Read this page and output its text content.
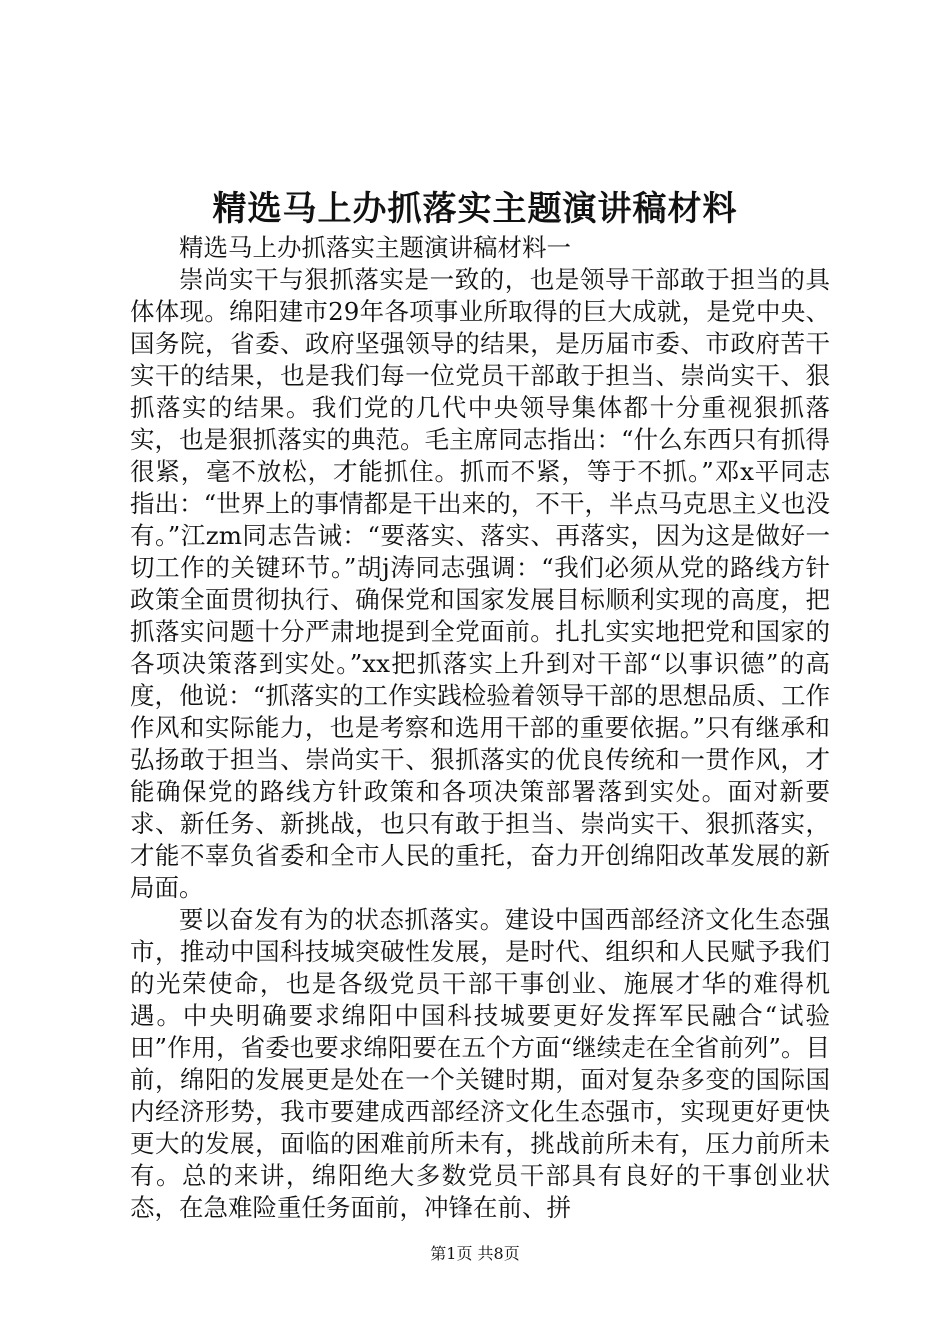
精选马上办抓落实主题演讲稿材料

精选马上办抓落实主题演讲稿材料一

崇尚实干与狠抓落实是一致的，也是领导干部敢于担当的具体体现。绵阳建市29年各项事业所取得的巨大成就，是党中央、国务院，省委、政府坚强领导的结果，是历届市委、市政府苦干实干的结果，也是我们每一位党员干部敢于担当、崇尚实干、狠抓落实的结果。我们党的几代中央领导集体都十分重视狠抓落实，也是狠抓落实的典范。毛主席同志指出：“什么东西只有抓得很紧，毫不放松，才能抓住。抓而不紧，等于不抓。”邓x平同志指出：“世界上的事情都是干出来的，不干，半点马克思主义也没有。”江zm同志告诫：“要落实、落实、再落实，因为这是做好一切工作的关键环节。”胡j涛同志强调：“我们必须从党的路线方针政策全面贯彻执行、确保党和国家发展目标顺利实现的高度，把抓落实问题十分严肃地提到全党面前。扎扎实实地把党和国家的各项决策落到实处。”xx把抓落实上升到对干部“以事识德”的高度，他说：“抓落实的工作实践检验着领导干部的思想品质、工作作风和实际能力，也是考察和选用干部的重要依据。”只有继承和弘扬敢于担当、崇尚实干、狠抓落实的优良传统和一贯作风，才能确保党的路线方针政策和各项决策部署落到实处。面对新要求、新任务、新挑战，也只有敢于担当、崇尚实干、狠抓落实，才能不辜负省委和全市人民的重托，奋力开创绵阳改革发展的新局面。

要以奋发有为的状态抓落实。建设中国西部经济文化生态强市，推动中国科技城突破性发展，是时代、组织和人民赋予我们的光荣使命，也是各级党员干部干事创业、施展才华的难得机遇。中央明确要求绵阳中国科技城要更好发挥军民融合“试验田”作用，省委也要求绵阳要在五个方面“继续走在全省前列”。目前，绵阳的发展更是处在一个关键时期，面对复杂多变的国际国内经济形势，我市要建成西部经济文化生态强市，实现更好更快更大的发展，面临的困难前所未有，挑战前所未有，压力前所未有。总的来讲，绵阳绝大多数党员干部具有良好的干事创业状态，在急难险重任务面前，冲锋在前、拼

第1页 共8页
